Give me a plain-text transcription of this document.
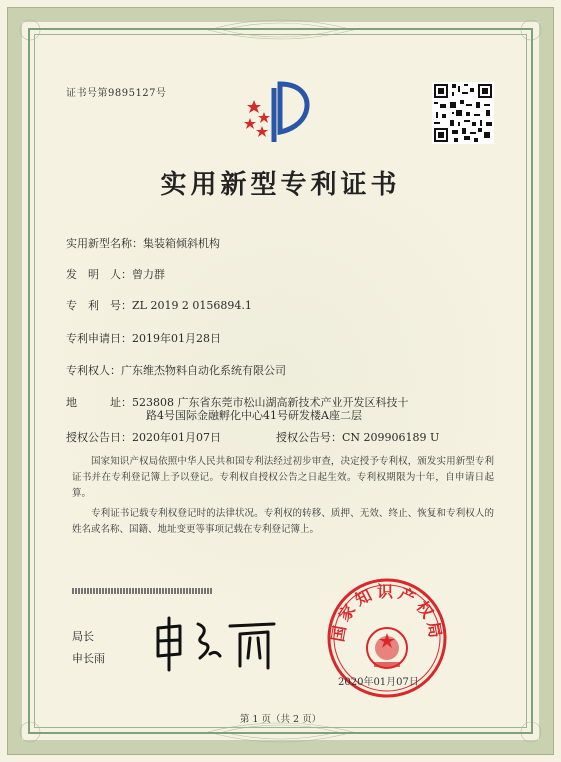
证书号第9895127号
实用新型专利证书
实用新型名称：集装箱倾斜机构
发　明　人：曾力群
专　利　号：ZL 2019 2 0156894.1
专利申请日：2019年01月28日
专利权人：广东维杰物料自动化系统有限公司
地　　　址：523808 广东省东莞市松山湖高新技术产业开发区科技十
路4号国际金融孵化中心41号研发楼A座二层
授权公告日：2020年01月07日	授权公告号：CN 209906189 U
国家知识产权局依照中华人民共和国专利法经过初步审查，决定授予专利权，颁发实用新型专利证书并在专利登记簿上予以登记。专利权自授权公告之日起生效。专利权期限为十年，自申请日起算。
专利证书记载专利权登记时的法律状况。专利权的转移、质押、无效、终止、恢复和专利权人的姓名或名称、国籍、地址变更等事项记载在专利登记簿上。
局长
申长雨
国家知识产权局
2020年01月07日
第 1 页（共 2 页）
